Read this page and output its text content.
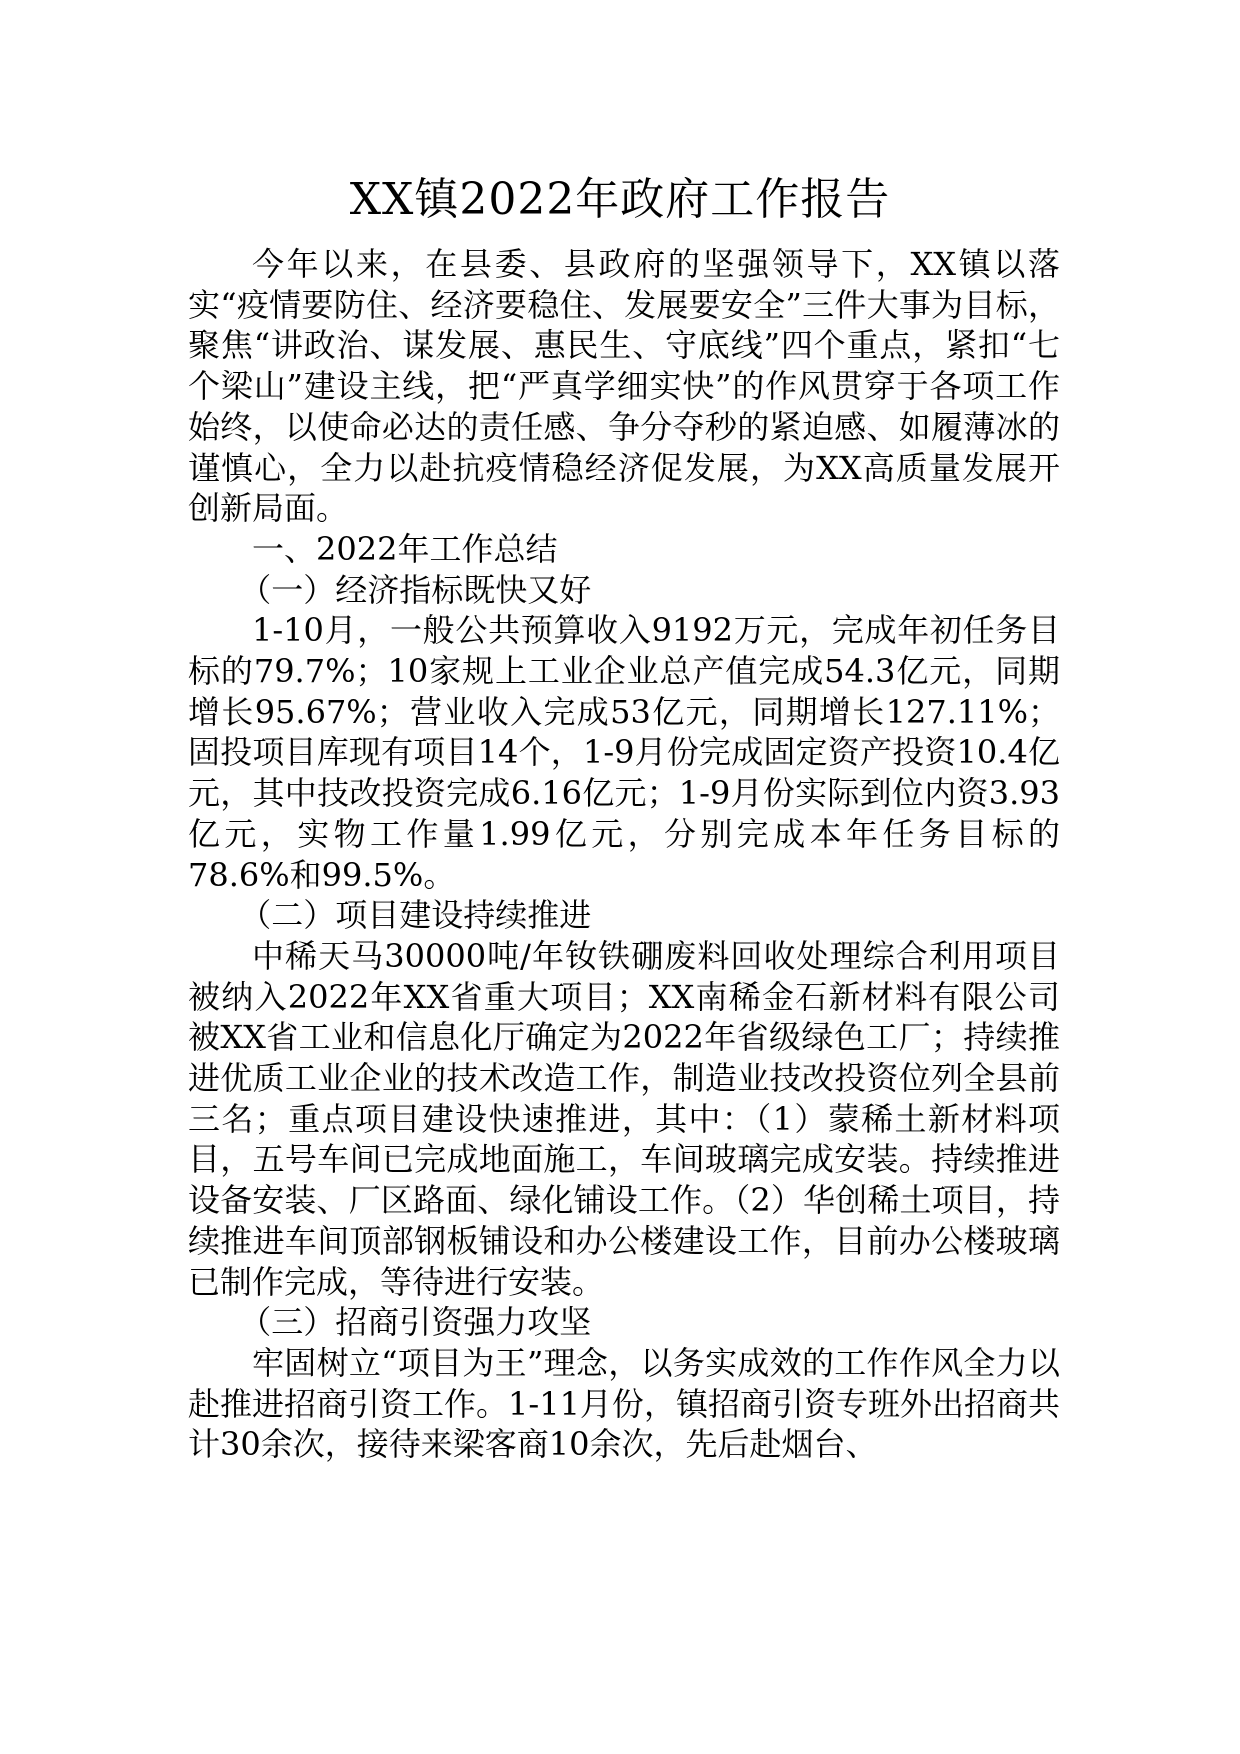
XX镇2022年政府工作报告

今年以来，在县委、县政府的坚强领导下，XX镇以落实“疫情要防住、经济要稳住、发展要安全”三件大事为目标，聚焦“讲政治、谋发展、惠民生、守底线”四个重点，紧扣“七个梁山”建设主线，把“严真学细实快”的作风贯穿于各项工作始终，以使命必达的责任感、争分夺秒的紧迫感、如履薄冰的谨慎心，全力以赴抗疫情稳经济促发展，为XX高质量发展开创新局面。

一、2022年工作总结

（一）经济指标既快又好

1-10月，一般公共预算收入9192万元，完成年初任务目标的79.7%；10家规上工业企业总产值完成54.3亿元，同期增长95.67%；营业收入完成53亿元，同期增长127.11%；固投项目库现有项目14个，1-9月份完成固定资产投资10.4亿元，其中技改投资完成6.16亿元；1-9月份实际到位内资3.93亿元，实物工作量1.99亿元，分别完成本年任务目标的78.6%和99.5%。

（二）项目建设持续推进

中稀天马30000吨/年钕铁硼废料回收处理综合利用项目被纳入2022年XX省重大项目；XX南稀金石新材料有限公司被XX省工业和信息化厅确定为2022年省级绿色工厂；持续推进优质工业企业的技术改造工作，制造业技改投资位列全县前三名；重点项目建设快速推进，其中：（1）蒙稀土新材料项目，五号车间已完成地面施工，车间玻璃完成安装。持续推进设备安装、厂区路面、绿化铺设工作。（2）华创稀土项目，持续推进车间顶部钢板铺设和办公楼建设工作，目前办公楼玻璃已制作完成，等待进行安装。

（三）招商引资强力攻坚

牢固树立“项目为王”理念，以务实成效的工作作风全力以赴推进招商引资工作。1-11月份，镇招商引资专班外出招商共计30余次，接待来梁客商10余次，先后赴烟台、
